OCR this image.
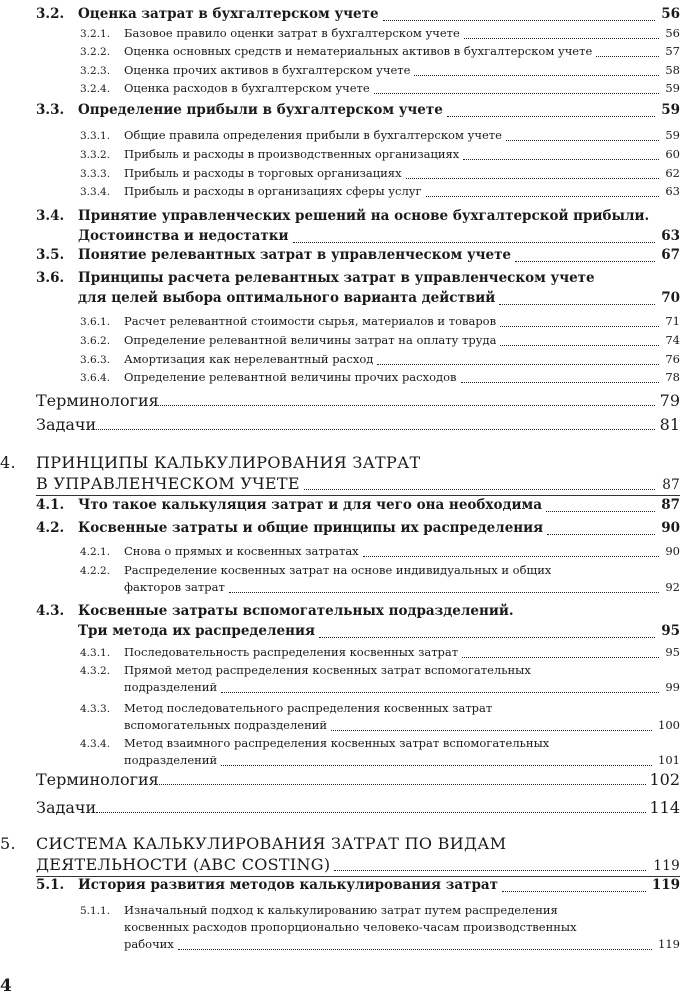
3.2. Оценка затрат в бухгалтерском учете	56
3.2.1. Базовое правило оценки затрат в бухгалтерском учете	56
3.2.2. Оценка основных средств и нематериальных активов в бухгалтерском учете	57
3.2.3. Оценка прочих активов в бухгалтерском учете	58
3.2.4. Оценка расходов в бухгалтерском учете	59
3.3. Определение прибыли в бухгалтерском учете	59
3.3.1. Общие правила определения прибыли в бухгалтерском учете	59
3.3.2. Прибыль и расходы в производственных организациях	60
3.3.3. Прибыль и расходы в торговых организациях	62
3.3.4. Прибыль и расходы в организациях сферы услуг	63
3.4. Принятие управленческих решений на основе бухгалтерской прибыли.
Достоинства и недостатки	63
3.5. Понятие релевантных затрат в управленческом учете	67
3.6. Принципы расчета релевантных затрат в управленческом учете
для целей выбора оптимального варианта действий	70
3.6.1. Расчет релевантной стоимости сырья, материалов и товаров	71
3.6.2. Определение релевантной величины затрат на оплату труда	74
3.6.3. Амортизация как нерелевантный расход	76
3.6.4. Определение релевантной величины прочих расходов	78
Терминология	79
Задачи	81
4. ПРИНЦИПЫ КАЛЬКУЛИРОВАНИЯ ЗАТРАТ
В УПРАВЛЕНЧЕСКОМ УЧЕТЕ	87
4.1. Что такое калькуляция затрат и для чего она необходима	87
4.2. Косвенные затраты и общие принципы их распределения	90
4.2.1. Снова о прямых и косвенных затратах	90
4.2.2. Распределение косвенных затрат на основе индивидуальных и общих
факторов затрат	92
4.3. Косвенные затраты вспомогательных подразделений.
Три метода их распределения	95
4.3.1. Последовательность распределения косвенных затрат	95
4.3.2. Прямой метод распределения косвенных затрат вспомогательных
подразделений	99
4.3.3. Метод последовательного распределения косвенных затрат
вспомогательных подразделений	100
4.3.4. Метод взаимного распределения косвенных затрат вспомогательных
подразделений	101
Терминология	102
Задачи	114
5. СИСТЕМА КАЛЬКУЛИРОВАНИЯ ЗАТРАТ ПО ВИДАМ
ДЕЯТЕЛЬНОСТИ (ABC COSTING)	119
5.1. История развития методов калькулирования затрат	119
5.1.1. Изначальный подход к калькулированию затрат путем распределения
косвенных расходов пропорционально человеко-часам производственных
рабочих	119
4
